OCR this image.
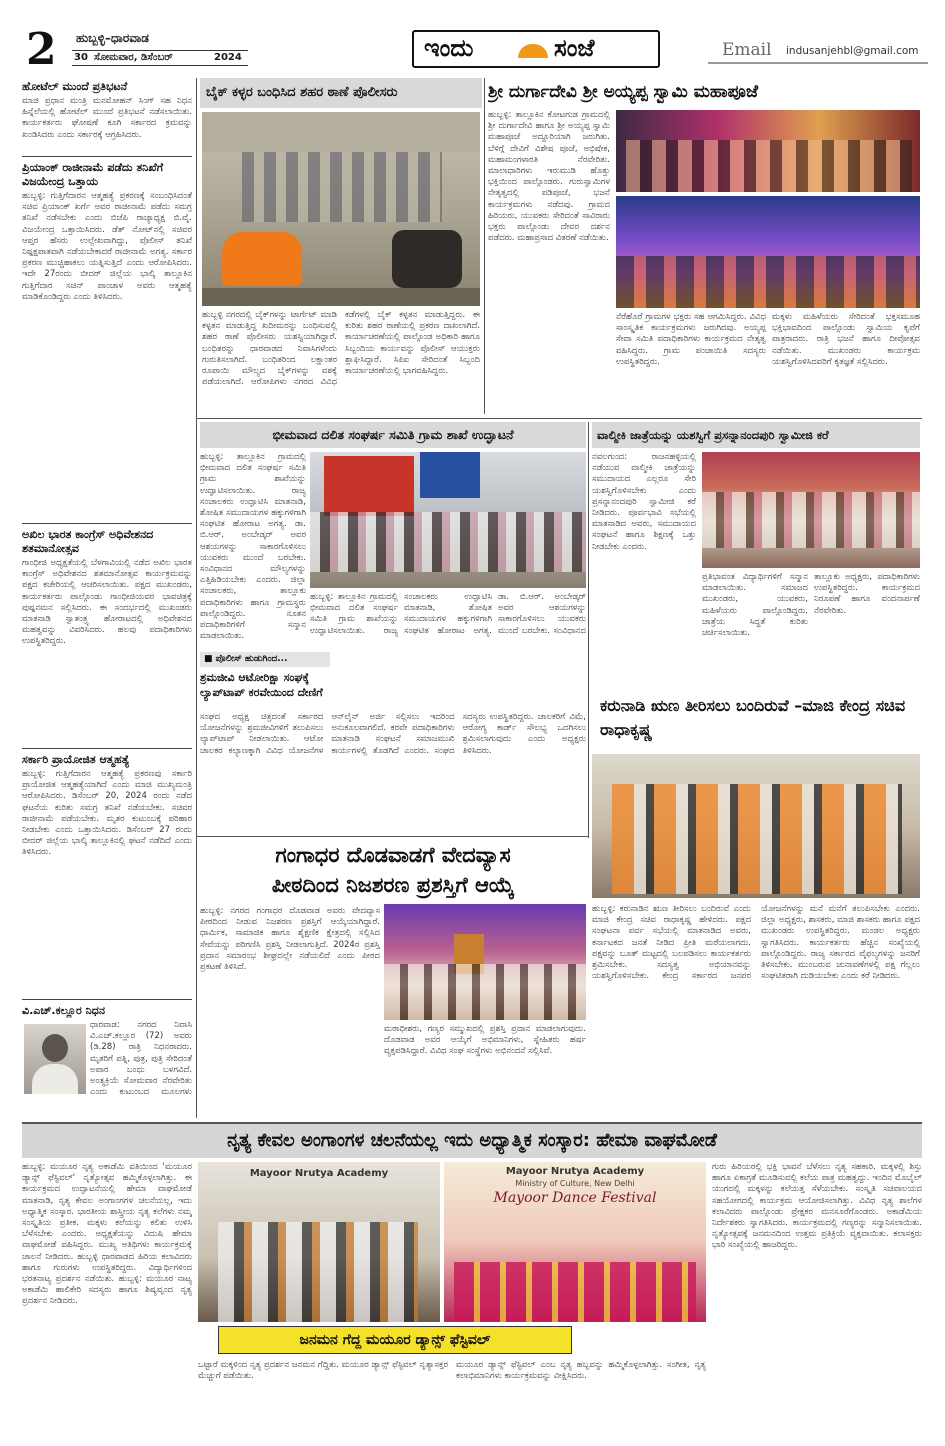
2	ಹುಬ್ಬಳ್ಳಿ–ಧಾರವಾಡ
30 ಸೋಮವಾರ, ಡಿಸೆಂಬರ್	2024	ಇಂದು	ಸಂಜೆ	Email indusanjehbl@gmail.com
ಹೋಟೆಲ್ ಮುಂದೆ ಪ್ರತಿಭಟನೆ
ಮಾಜಿ ಪ್ರಧಾನ ಮಂತ್ರಿ ಮನಮೋಹನ್ ಸಿಂಗ್ ಸಹ ನಿಧನ ಹಿನ್ನೆಲೆಯಲ್ಲಿ ಹೋಟೆಲ್ ಮುಂದೆ ಪ್ರತಿಭಟನೆ ನಡೆಸಲಾಯಿತು. ಕಾರ್ಯಕರ್ತರು ಘೋಷಣೆ ಕೂಗಿ ಸರ್ಕಾರದ ಕ್ರಮವನ್ನು ಖಂಡಿಸಿದರು ಎಂದು ಸರ್ಕಾರಕ್ಕೆ ಆಗ್ರಹಿಸಿದರು.
ಪ್ರಿಯಾಂಕ್ ರಾಜೀನಾಮೆ ಪಡೆದು ತನಿಖೆಗೆ ವಿಜಯೇಂದ್ರ ಒತ್ತಾಯ
ಹುಬ್ಬಳ್ಳಿ: ಗುತ್ತಿಗೆದಾರನ ಆತ್ಮಹತ್ಯೆ ಪ್ರಕರಣಕ್ಕೆ ಸಂಬಂಧಿಸಿದಂತೆ ಸಚಿವ ಪ್ರಿಯಾಂಕ್ ಖರ್ಗೆ ಅವರ ರಾಜೀನಾಮೆ ಪಡೆದು ಸಮಗ್ರ ತನಿಖೆ ನಡೆಸಬೇಕು ಎಂದು ಬಿಜೆಪಿ ರಾಜ್ಯಾಧ್ಯಕ್ಷ ಬಿ.ವೈ. ವಿಜಯೇಂದ್ರ ಒತ್ತಾಯಿಸಿದರು. ಡೆತ್ ನೋಟ್‌ನಲ್ಲಿ ಸಚಿವರ ಆಪ್ತರ ಹೆಸರು ಉಲ್ಲೇಖವಾಗಿದ್ದು, ಪೊಲೀಸ್ ತನಿಖೆ ನಿಷ್ಪಕ್ಷಪಾತವಾಗಿ ನಡೆಯಬೇಕಾದರೆ ರಾಜೀನಾಮೆ ಅಗತ್ಯ. ಸರ್ಕಾರ ಪ್ರಕರಣ ಮುಚ್ಚಿಹಾಕಲು ಯತ್ನಿಸುತ್ತಿದೆ ಎಂದು ಆರೋಪಿಸಿದರು. ಇದೇ 27ರಂದು ಬೀದರ್ ಜಿಲ್ಲೆಯ ಭಾಲ್ಕಿ ತಾಲ್ಲೂಕಿನ ಗುತ್ತಿಗೆದಾರ ಸಚಿನ್ ಪಾಂಚಾಳ ಅವರು ಆತ್ಮಹತ್ಯೆ ಮಾಡಿಕೊಂಡಿದ್ದರು ಎಂದು ತಿಳಿಸಿದರು.
ಅಖಿಲ ಭಾರತ ಕಾಂಗ್ರೆಸ್ ಅಧಿವೇಶನದ ಶತಮಾನೋತ್ಸವ
ಗಾಂಧೀಜಿ ಅಧ್ಯಕ್ಷತೆಯಲ್ಲಿ ಬೆಳಗಾವಿಯಲ್ಲಿ ನಡೆದ ಅಖಿಲ ಭಾರತ ಕಾಂಗ್ರೆಸ್ ಅಧಿವೇಶನದ ಶತಮಾನೋತ್ಸವ ಕಾರ್ಯಕ್ರಮವನ್ನು ಪಕ್ಷದ ಕಚೇರಿಯಲ್ಲಿ ಆಚರಿಸಲಾಯಿತು. ಪಕ್ಷದ ಮುಖಂಡರು, ಕಾರ್ಯಕರ್ತರು ಪಾಲ್ಗೊಂಡು ಗಾಂಧೀಜಿಯವರ ಭಾವಚಿತ್ರಕ್ಕೆ ಪುಷ್ಪನಮನ ಸಲ್ಲಿಸಿದರು. ಈ ಸಂದರ್ಭದಲ್ಲಿ ಮುಖಂಡರು ಮಾತನಾಡಿ ಸ್ವಾತಂತ್ರ್ಯ ಹೋರಾಟದಲ್ಲಿ ಅಧಿವೇಶನದ ಮಹತ್ವವನ್ನು ವಿವರಿಸಿದರು. ಹಲವು ಪದಾಧಿಕಾರಿಗಳು ಉಪಸ್ಥಿತರಿದ್ದರು.
ಸರ್ಕಾರಿ ಪ್ರಾಯೋಜಿತ ಆತ್ಮಹತ್ಯೆ
ಹುಬ್ಬಳ್ಳಿ: ಗುತ್ತಿಗೆದಾರನ ಆತ್ಮಹತ್ಯೆ ಪ್ರಕರಣವು ಸರ್ಕಾರಿ ಪ್ರಾಯೋಜಿತ ಆತ್ಮಹತ್ಯೆಯಾಗಿದೆ ಎಂದು ಮಾಜಿ ಮುಖ್ಯಮಂತ್ರಿ ಆರೋಪಿಸಿದರು. ಡಿಸೆಂಬರ್ 20, 2024 ರಂದು ನಡೆದ ಘಟನೆಯ ಕುರಿತು ಸಮಗ್ರ ತನಿಖೆ ನಡೆಯಬೇಕು. ಸಚಿವರ ರಾಜೀನಾಮೆ ಪಡೆಯಬೇಕು. ಮೃತರ ಕುಟುಂಬಕ್ಕೆ ಪರಿಹಾರ ನೀಡಬೇಕು ಎಂದು ಒತ್ತಾಯಿಸಿದರು. ಡಿಸೆಂಬರ್ 27 ರಂದು ಬೀದರ್ ಜಿಲ್ಲೆಯ ಭಾಲ್ಕಿ ತಾಲ್ಲೂಕಿನಲ್ಲಿ ಘಟನೆ ನಡೆದಿದೆ ಎಂದು ತಿಳಿಸಿದರು.
ವಿ.ಎಚ್.ಕಲ್ಲೂರ ನಿಧನ
ಧಾರವಾಡ: ನಗರದ ನಿವಾಸಿ ವಿ.ಎಚ್.ಕಲ್ಲೂರ (72) ಅವರು (ಡಿ.28) ರಾತ್ರಿ ನಿಧನರಾದರು. ಮೃತರಿಗೆ ಪತ್ನಿ, ಪುತ್ರ, ಪುತ್ರಿ ಸೇರಿದಂತೆ ಅಪಾರ ಬಂಧು ಬಳಗವಿದೆ. ಅಂತ್ಯಕ್ರಿಯೆ ಸೋಮವಾರ ನೆರವೇರಿತು ಎಂದು ಕುಟುಂಬದ ಮೂಲಗಳು
ಬೈಕ್ ಕಳ್ಳರ ಬಂಧಿಸಿದ ಶಹರ ಠಾಣೆ ಪೊಲೀಸರು
ಹುಬ್ಬಳ್ಳಿ ನಗರದಲ್ಲಿ ಬೈಕ್‌ಗಳನ್ನು ಟಾರ್ಗೆಟ್ ಮಾಡಿ ಕಳ್ಳತನ ಮಾಡುತ್ತಿದ್ದ ಖದೀಮರನ್ನು ಬಂಧಿಸುವಲ್ಲಿ ಶಹರ ಠಾಣೆ ಪೊಲೀಸರು ಯಶಸ್ವಿಯಾಗಿದ್ದಾರೆ. ಬಂಧಿತರನ್ನು ಧಾರವಾಡದ ನಿವಾಸಿಗಳೆಂದು ಗುರುತಿಸಲಾಗಿದೆ. ಬಂಧಿತರಿಂದ ಲಕ್ಷಾಂತರ ರೂಪಾಯಿ ಮೌಲ್ಯದ ಬೈಕ್‌ಗಳನ್ನು ವಶಕ್ಕೆ ಪಡೆಯಲಾಗಿದೆ. ಆರೋಪಿಗಳು ನಗರದ ವಿವಿಧ ಕಡೆಗಳಲ್ಲಿ ಬೈಕ್ ಕಳ್ಳತನ ಮಾಡುತ್ತಿದ್ದರು. ಈ ಕುರಿತು ಶಹರ ಠಾಣೆಯಲ್ಲಿ ಪ್ರಕರಣ ದಾಖಲಾಗಿದೆ. ಕಾರ್ಯಾಚರಣೆಯಲ್ಲಿ ಪಾಲ್ಗೊಂಡ ಅಧಿಕಾರಿ ಹಾಗೂ ಸಿಬ್ಬಂದಿಯ ಕಾರ್ಯವನ್ನು ಪೊಲೀಸ್ ಆಯುಕ್ತರು ಶ್ಲಾಘಿಸಿದ್ದಾರೆ. ಸಿಪಿಐ ಸೇರಿದಂತೆ ಸಿಬ್ಬಂದಿ ಕಾರ್ಯಾಚರಣೆಯಲ್ಲಿ ಭಾಗವಹಿಸಿದ್ದರು.
ಶ್ರೀ ದುರ್ಗಾದೇವಿ ಶ್ರೀ ಅಯ್ಯಪ್ಪ ಸ್ವಾಮಿ ಮಹಾಪೂಜೆ
ಹುಬ್ಬಳ್ಳಿ: ತಾಲ್ಲೂಕಿನ ಕೋಟಗುಡ ಗ್ರಾಮದಲ್ಲಿ ಶ್ರೀ ದುರ್ಗಾದೇವಿ ಹಾಗೂ ಶ್ರೀ ಅಯ್ಯಪ್ಪ ಸ್ವಾಮಿ ಮಹಾಪೂಜೆ ಅದ್ದೂರಿಯಾಗಿ ಜರುಗಿತು. ಬೆಳಿಗ್ಗೆ ದೇವಿಗೆ ವಿಶೇಷ ಪೂಜೆ, ಅಭಿಷೇಕ, ಮಹಾಮಂಗಳಾರತಿ ನೆರವೇರಿತು. ಮಾಲಾಧಾರಿಗಳು ಇರುಮುಡಿ ಹೊತ್ತು ಭಕ್ತಿಯಿಂದ ಪಾಲ್ಗೊಂಡರು. ಗುರುಸ್ವಾಮಿಗಳ ನೇತೃತ್ವದಲ್ಲಿ ಪಡಿಪೂಜೆ, ಭಜನೆ ಕಾರ್ಯಕ್ರಮಗಳು ನಡೆದವು. ಗ್ರಾಮದ ಹಿರಿಯರು, ಯುವಕರು ಸೇರಿದಂತೆ ಸಾವಿರಾರು ಭಕ್ತರು ಪಾಲ್ಗೊಂಡು ದೇವರ ದರ್ಶನ ಪಡೆದರು. ಮಹಾಪ್ರಸಾದ ವಿತರಣೆ ನಡೆಯಿತು.
ನೆರೆಹೊರೆ ಗ್ರಾಮಗಳ ಭಕ್ತರು ಸಹ ಆಗಮಿಸಿದ್ದರು. ವಿವಿಧ ಸಾಂಸ್ಕೃತಿಕ ಕಾರ್ಯಕ್ರಮಗಳು ಜರುಗಿದವು. ಅಯ್ಯಪ್ಪ ಸೇವಾ ಸಮಿತಿ ಪದಾಧಿಕಾರಿಗಳು ಕಾರ್ಯಕ್ರಮದ ನೇತೃತ್ವ ವಹಿಸಿದ್ದರು. ಗ್ರಾಮ ಪಂಚಾಯಿತಿ ಸದಸ್ಯರು ಉಪಸ್ಥಿತರಿದ್ದರು.
ಮಕ್ಕಳು ಮಹಿಳೆಯರು ಸೇರಿದಂತೆ ಭಕ್ತಸಮೂಹ ಭಕ್ತಿಭಾವದಿಂದ ಪಾಲ್ಗೊಂಡು ಸ್ವಾಮಿಯ ಕೃಪೆಗೆ ಪಾತ್ರರಾದರು. ರಾತ್ರಿ ಭಜನೆ ಹಾಗೂ ದೀಪೋತ್ಸವ ನಡೆಯಿತು. ಮುಖಂಡರು ಕಾರ್ಯಕ್ರಮ ಯಶಸ್ವಿಗೊಳಿಸಿದವರಿಗೆ ಕೃತಜ್ಞತೆ ಸಲ್ಲಿಸಿದರು.
ಭೀಮವಾದ ದಲಿತ ಸಂಘರ್ಷ ಸಮಿತಿ ಗ್ರಾಮ ಶಾಖೆ ಉದ್ಘಾಟನೆ
ಹುಬ್ಬಳ್ಳಿ: ತಾಲ್ಲೂಕಿನ ಗ್ರಾಮದಲ್ಲಿ ಭೀಮವಾದ ದಲಿತ ಸಂಘರ್ಷ ಸಮಿತಿ ಗ್ರಾಮ ಶಾಖೆಯನ್ನು ಉದ್ಘಾಟಿಸಲಾಯಿತು. ರಾಜ್ಯ ಸಂಚಾಲಕರು ಉದ್ಘಾಟಿಸಿ ಮಾತನಾಡಿ, ಶೋಷಿತ ಸಮುದಾಯಗಳ ಹಕ್ಕುಗಳಿಗಾಗಿ ಸಂಘಟಿತ ಹೋರಾಟ ಅಗತ್ಯ. ಡಾ. ಬಿ.ಆರ್. ಅಂಬೇಡ್ಕರ್ ಅವರ ಆಶಯಗಳನ್ನು ಸಾಕಾರಗೊಳಿಸಲು ಯುವಕರು ಮುಂದೆ ಬರಬೇಕು. ಸಂವಿಧಾನದ ಮೌಲ್ಯಗಳನ್ನು ಎತ್ತಿಹಿಡಿಯಬೇಕು ಎಂದರು. ಜಿಲ್ಲಾ ಸಂಚಾಲಕರು, ತಾಲ್ಲೂಕು ಪದಾಧಿಕಾರಿಗಳು ಹಾಗೂ ಗ್ರಾಮಸ್ಥರು ಪಾಲ್ಗೊಂಡಿದ್ದರು. ನೂತನ ಪದಾಧಿಕಾರಿಗಳಿಗೆ ಸನ್ಮಾನ ಮಾಡಲಾಯಿತು.
ಹುಬ್ಬಳ್ಳಿ: ತಾಲ್ಲೂಕಿನ ಗ್ರಾಮದಲ್ಲಿ ಭೀಮವಾದ ದಲಿತ ಸಂಘರ್ಷ ಸಮಿತಿ ಗ್ರಾಮ ಶಾಖೆಯನ್ನು ಉದ್ಘಾಟಿಸಲಾಯಿತು. ರಾಜ್ಯ ಸಂಚಾಲಕರು ಉದ್ಘಾಟಿಸಿ ಮಾತನಾಡಿ, ಶೋಷಿತ ಸಮುದಾಯಗಳ ಹಕ್ಕುಗಳಿಗಾಗಿ ಸಂಘಟಿತ ಹೋರಾಟ ಅಗತ್ಯ. ಡಾ. ಬಿ.ಆರ್. ಅಂಬೇಡ್ಕರ್ ಅವರ ಆಶಯಗಳನ್ನು ಸಾಕಾರಗೊಳಿಸಲು ಯುವಕರು ಮುಂದೆ ಬರಬೇಕು. ಸಂವಿಧಾನದ
ವಾಲ್ಮೀಕಿ ಜಾತ್ರೆಯನ್ನು ಯಶಸ್ವಿಗೆ ಪ್ರಸನ್ನಾನಂದಪುರಿ ಸ್ವಾಮೀಜಿ ಕರೆ
ನವಲಗುಂದ: ರಾಜನಹಳ್ಳಿಯಲ್ಲಿ ನಡೆಯುವ ವಾಲ್ಮೀಕಿ ಜಾತ್ರೆಯನ್ನು ಸಮುದಾಯದ ಎಲ್ಲರೂ ಸೇರಿ ಯಶಸ್ವಿಗೊಳಿಸಬೇಕು ಎಂದು ಪ್ರಸನ್ನಾನಂದಪುರಿ ಸ್ವಾಮೀಜಿ ಕರೆ ನೀಡಿದರು. ಪೂರ್ವಭಾವಿ ಸಭೆಯಲ್ಲಿ ಮಾತನಾಡಿದ ಅವರು, ಸಮುದಾಯದ ಸಂಘಟನೆ ಹಾಗೂ ಶಿಕ್ಷಣಕ್ಕೆ ಒತ್ತು ನೀಡಬೇಕು ಎಂದರು.
ಪ್ರತಿಭಾವಂತ ವಿದ್ಯಾರ್ಥಿಗಳಿಗೆ ಸನ್ಮಾನ ಮಾಡಲಾಯಿತು. ಸಮಾಜದ ಮುಖಂಡರು, ಯುವಕರು, ಮಹಿಳೆಯರು ಪಾಲ್ಗೊಂಡಿದ್ದರು. ಜಾತ್ರೆಯ ಸಿದ್ಧತೆ ಕುರಿತು ಚರ್ಚಿಸಲಾಯಿತು.
ತಾಲ್ಲೂಕು ಅಧ್ಯಕ್ಷರು, ಪದಾಧಿಕಾರಿಗಳು ಉಪಸ್ಥಿತರಿದ್ದರು. ಕಾರ್ಯಕ್ರಮದ ನಿರೂಪಣೆ ಹಾಗೂ ವಂದನಾರ್ಪಣೆ ನೆರವೇರಿತು.
■ ಪೊಲೀಸ್ ಹುಡುಗಿಂದ...
ಶ್ರಮಜೀವಿ ಆಟೋರಿಕ್ಷಾ ಸಂಘಕ್ಕೆ ಲ್ಯಾಪ್‌ಟಾಪ್ ಕರವೇಯಿಂದ ದೇಣಿಗೆ
ಸಂಘದ ಅಧ್ಯಕ್ಷ ಚಿತ್ರದಂತೆ ಸರ್ಕಾರದ ಯೋಜನೆಗಳನ್ನು ಶ್ರಮಜೀವಿಗಳಿಗೆ ತಲುಪಿಸಲು ಲ್ಯಾಪ್‌ಟಾಪ್ ನೀಡಲಾಯಿತು. ಆಟೋ ಚಾಲಕರ ಕಲ್ಯಾಣಕ್ಕಾಗಿ ವಿವಿಧ ಯೋಜನೆಗಳ ಆನ್‌ಲೈನ್ ಅರ್ಜಿ ಸಲ್ಲಿಸಲು ಇದರಿಂದ ಅನುಕೂಲವಾಗಲಿದೆ. ಕರವೇ ಪದಾಧಿಕಾರಿಗಳು ಮಾತನಾಡಿ ಸಂಘಟನೆ ಸಮಾಜಮುಖಿ ಕಾರ್ಯಗಳಲ್ಲಿ ತೊಡಗಿದೆ ಎಂದರು. ಸಂಘದ ಸದಸ್ಯರು ಉಪಸ್ಥಿತರಿದ್ದರು. ಚಾಲಕರಿಗೆ ವಿಮೆ, ಆರೋಗ್ಯ ಕಾರ್ಡ್ ಸೌಲಭ್ಯ ಒದಗಿಸಲು ಶ್ರಮಿಸಲಾಗುವುದು ಎಂದು ಅಧ್ಯಕ್ಷರು ತಿಳಿಸಿದರು.
ಕರುನಾಡಿ ಋಣ ತೀರಿಸಲು ಬಂದಿರುವೆ –ಮಾಜಿ ಕೇಂದ್ರ ಸಚಿವ ರಾಧಾಕೃಷ್ಣ
ಹುಬ್ಬಳ್ಳಿ: ಕರುನಾಡಿನ ಋಣ ತೀರಿಸಲು ಬಂದಿರುವೆ ಎಂದು ಮಾಜಿ ಕೇಂದ್ರ ಸಚಿವ ರಾಧಾಕೃಷ್ಣ ಹೇಳಿದರು. ಪಕ್ಷದ ಸಂಘಟನಾ ಪರ್ವ ಸಭೆಯಲ್ಲಿ ಮಾತನಾಡಿದ ಅವರು, ಕರ್ನಾಟಕದ ಜನತೆ ನೀಡಿದ ಪ್ರೀತಿ ಮರೆಯಲಾಗದು. ಪಕ್ಷವನ್ನು ಬೂತ್ ಮಟ್ಟದಲ್ಲಿ ಬಲಪಡಿಸಲು ಕಾರ್ಯಕರ್ತರು ಶ್ರಮಿಸಬೇಕು. ಸದಸ್ಯತ್ವ ಅಭಿಯಾನವನ್ನು ಯಶಸ್ವಿಗೊಳಿಸಬೇಕು. ಕೇಂದ್ರ ಸರ್ಕಾರದ ಜನಪರ ಯೋಜನೆಗಳನ್ನು ಮನೆ ಮನೆಗೆ ತಲುಪಿಸಬೇಕು ಎಂದರು. ಜಿಲ್ಲಾ ಅಧ್ಯಕ್ಷರು, ಶಾಸಕರು, ಮಾಜಿ ಶಾಸಕರು ಹಾಗೂ ಪಕ್ಷದ ಮುಖಂಡರು ಉಪಸ್ಥಿತರಿದ್ದರು. ಮಂಡಲ ಅಧ್ಯಕ್ಷರು ಸ್ವಾಗತಿಸಿದರು. ಕಾರ್ಯಕರ್ತರು ಹೆಚ್ಚಿನ ಸಂಖ್ಯೆಯಲ್ಲಿ ಪಾಲ್ಗೊಂಡಿದ್ದರು. ರಾಜ್ಯ ಸರ್ಕಾರದ ವೈಫಲ್ಯಗಳನ್ನು ಜನರಿಗೆ ತಿಳಿಸಬೇಕು. ಮುಂಬರುವ ಚುನಾವಣೆಗಳಲ್ಲಿ ಪಕ್ಷ ಗೆಲ್ಲಲು ಸಂಘಟಿತರಾಗಿ ದುಡಿಯಬೇಕು ಎಂದು ಕರೆ ನೀಡಿದರು.
ಗಂಗಾಧರ ದೊಡವಾಡಗೆ ವೇದವ್ಯಾಸ
ಪೀಠದಿಂದ ನಿಜಶರಣ ಪ್ರಶಸ್ತಿಗೆ ಆಯ್ಕೆ
ಹುಬ್ಬಳ್ಳಿ: ನಗರದ ಗಂಗಾಧರ ದೊಡವಾಡ ಅವರು ವೇದವ್ಯಾಸ ಪೀಠದಿಂದ ನೀಡುವ ನಿಜಶರಣ ಪ್ರಶಸ್ತಿಗೆ ಆಯ್ಕೆಯಾಗಿದ್ದಾರೆ. ಧಾರ್ಮಿಕ, ಸಾಮಾಜಿಕ ಹಾಗೂ ಶೈಕ್ಷಣಿಕ ಕ್ಷೇತ್ರದಲ್ಲಿ ಸಲ್ಲಿಸಿದ ಸೇವೆಯನ್ನು ಪರಿಗಣಿಸಿ ಪ್ರಶಸ್ತಿ ನೀಡಲಾಗುತ್ತಿದೆ. 2024ರ ಪ್ರಶಸ್ತಿ ಪ್ರದಾನ ಸಮಾರಂಭ ಶೀಘ್ರದಲ್ಲೇ ನಡೆಯಲಿದೆ ಎಂದು ಪೀಠದ ಪ್ರಕಟಣೆ ತಿಳಿಸಿದೆ.
ಮಠಾಧೀಶರು, ಗಣ್ಯರ ಸಮ್ಮುಖದಲ್ಲಿ ಪ್ರಶಸ್ತಿ ಪ್ರದಾನ ಮಾಡಲಾಗುವುದು. ದೊಡವಾಡ ಅವರ ಆಯ್ಕೆಗೆ ಅಭಿಮಾನಿಗಳು, ಸ್ನೇಹಿತರು ಹರ್ಷ ವ್ಯಕ್ತಪಡಿಸಿದ್ದಾರೆ. ವಿವಿಧ ಸಂಘ ಸಂಸ್ಥೆಗಳು ಅಭಿನಂದನೆ ಸಲ್ಲಿಸಿವೆ.
ನೃತ್ಯ ಕೇವಲ ಅಂಗಾಂಗಳ ಚಲನೆಯಲ್ಲ ಇದು ಅಧ್ಯಾತ್ಮಿಕ ಸಂಸ್ಕಾರ: ಹೇಮಾ ವಾಘಮೋಡೆ
ಹುಬ್ಬಳ್ಳಿ: ಮಯೂರ ನೃತ್ಯ ಅಕಾಡೆಮಿ ವತಿಯಿಂದ 'ಮಯೂರ ಡ್ಯಾನ್ಸ್ ಫೆಸ್ಟಿವಲ್' ನೃತ್ಯೋತ್ಸವ ಹಮ್ಮಿಕೊಳ್ಳಲಾಗಿತ್ತು. ಈ ಕಾರ್ಯಕ್ರಮದ ಉದ್ಘಾಟನೆಯಲ್ಲಿ ಹೇಮಾ ವಾಘಮೋಡೆ ಮಾತನಾಡಿ, ನೃತ್ಯ ಕೇವಲ ಅಂಗಾಂಗಗಳ ಚಲನೆಯಲ್ಲ, ಇದು ಅಧ್ಯಾತ್ಮಿಕ ಸಂಸ್ಕಾರ. ಭಾರತೀಯ ಶಾಸ್ತ್ರೀಯ ನೃತ್ಯ ಕಲೆಗಳು ನಮ್ಮ ಸಂಸ್ಕೃತಿಯ ಪ್ರತೀಕ. ಮಕ್ಕಳು ಕಲೆಯನ್ನು ಕಲಿತು ಉಳಿಸಿ ಬೆಳೆಸಬೇಕು ಎಂದರು. ಅಧ್ಯಕ್ಷತೆಯನ್ನು ವಿದುಷಿ ಹೇಮಾ ವಾಘಮೋಡೆ ವಹಿಸಿದ್ದರು. ಮುಖ್ಯ ಅತಿಥಿಗಳು ಕಾರ್ಯಕ್ರಮಕ್ಕೆ ಚಾಲನೆ ನೀಡಿದರು. ಹುಬ್ಬಳ್ಳಿ ಧಾರವಾಡದ ಹಿರಿಯ ಕಲಾವಿದರು ಹಾಗೂ ಗುರುಗಳು ಉಪಸ್ಥಿತರಿದ್ದರು. ವಿದ್ಯಾರ್ಥಿಗಳಿಂದ ಭರತನಾಟ್ಯ ಪ್ರದರ್ಶನ ನಡೆಯಿತು. ಹುಬ್ಬಳ್ಳಿ: ಮಯೂರ ನಾಟ್ಯ ಅಕಾಡೆಮಿ ಹಾಲಿಕೇರಿ ಸದಸ್ಯರು ಹಾಗೂ ಶಿಷ್ಯವೃಂದ ನೃತ್ಯ ಪ್ರದರ್ಶನ ನೀಡಿದರು.
Mayoor Nrutya Academy	Mayoor Nrutya Academy
Ministry of Culture, New Delhi
Mayoor Dance Festival
ಗುರು ಹಿರಿಯರಲ್ಲಿ ಭಕ್ತಿ ಭಾವನೆ ಬೆಳೆಸಲು ನೃತ್ಯ ಸಹಕಾರಿ. ಮಕ್ಕಳಲ್ಲಿ ಶಿಸ್ತು ಹಾಗೂ ಏಕಾಗ್ರತೆ ಮೂಡಿಸುವಲ್ಲಿ ಕಲೆಯ ಪಾತ್ರ ಮಹತ್ವದ್ದು. ಇಂದಿನ ಮೊಬೈಲ್ ಯುಗದಲ್ಲಿ ಮಕ್ಕಳನ್ನು ಕಲೆಯತ್ತ ಸೆಳೆಯಬೇಕು. ಸಂಸ್ಕೃತಿ ಸಚಿವಾಲಯದ ಸಹಯೋಗದಲ್ಲಿ ಕಾರ್ಯಕ್ರಮ ಆಯೋಜಿಸಲಾಗಿತ್ತು. ವಿವಿಧ ನೃತ್ಯ ಶಾಲೆಗಳ ಕಲಾವಿದರು ಪಾಲ್ಗೊಂಡು ಪ್ರೇಕ್ಷಕರ ಮನಸೂರೆಗೊಂಡರು. ಅಕಾಡೆಮಿಯ ನಿರ್ದೇಶಕರು ಸ್ವಾಗತಿಸಿದರು. ಕಾರ್ಯಕ್ರಮದಲ್ಲಿ ಗಣ್ಯರನ್ನು ಸನ್ಮಾನಿಸಲಾಯಿತು. ನೃತ್ಯೋತ್ಸವಕ್ಕೆ ಜನಮನದಿಂದ ಉತ್ತಮ ಪ್ರತಿಕ್ರಿಯೆ ವ್ಯಕ್ತವಾಯಿತು. ಕಲಾಸಕ್ತರು ಭಾರಿ ಸಂಖ್ಯೆಯಲ್ಲಿ ಹಾಜರಿದ್ದರು.
ಜನಮನ ಗೆದ್ದ ಮಯೂರ ಡ್ಯಾನ್ಸ್ ಫೆಸ್ಟಿವಲ್
ಒಟ್ಟಾರೆ ಮಕ್ಕಳಿಂದ ನೃತ್ಯ ಪ್ರದರ್ಶನ ಜನಮನ ಗೆದ್ದಿತು. ಮಯೂರ ಡ್ಯಾನ್ಸ್ ಫೆಸ್ಟಿವಲ್ ನೃತ್ಯಾಸಕ್ತರ ಮೆಚ್ಚುಗೆ ಪಡೆಯಿತು.
ಮಯೂರ ಡ್ಯಾನ್ಸ್ ಫೆಸ್ಟಿವಲ್ ಎಂಬ ನೃತ್ಯ ಹಬ್ಬವನ್ನು ಹಮ್ಮಿಕೊಳ್ಳಲಾಗಿತ್ತು. ಸಂಗೀತ, ನೃತ್ಯ ಕಲಾಭಿಮಾನಿಗಳು ಕಾರ್ಯಕ್ರಮವನ್ನು ವೀಕ್ಷಿಸಿದರು.
